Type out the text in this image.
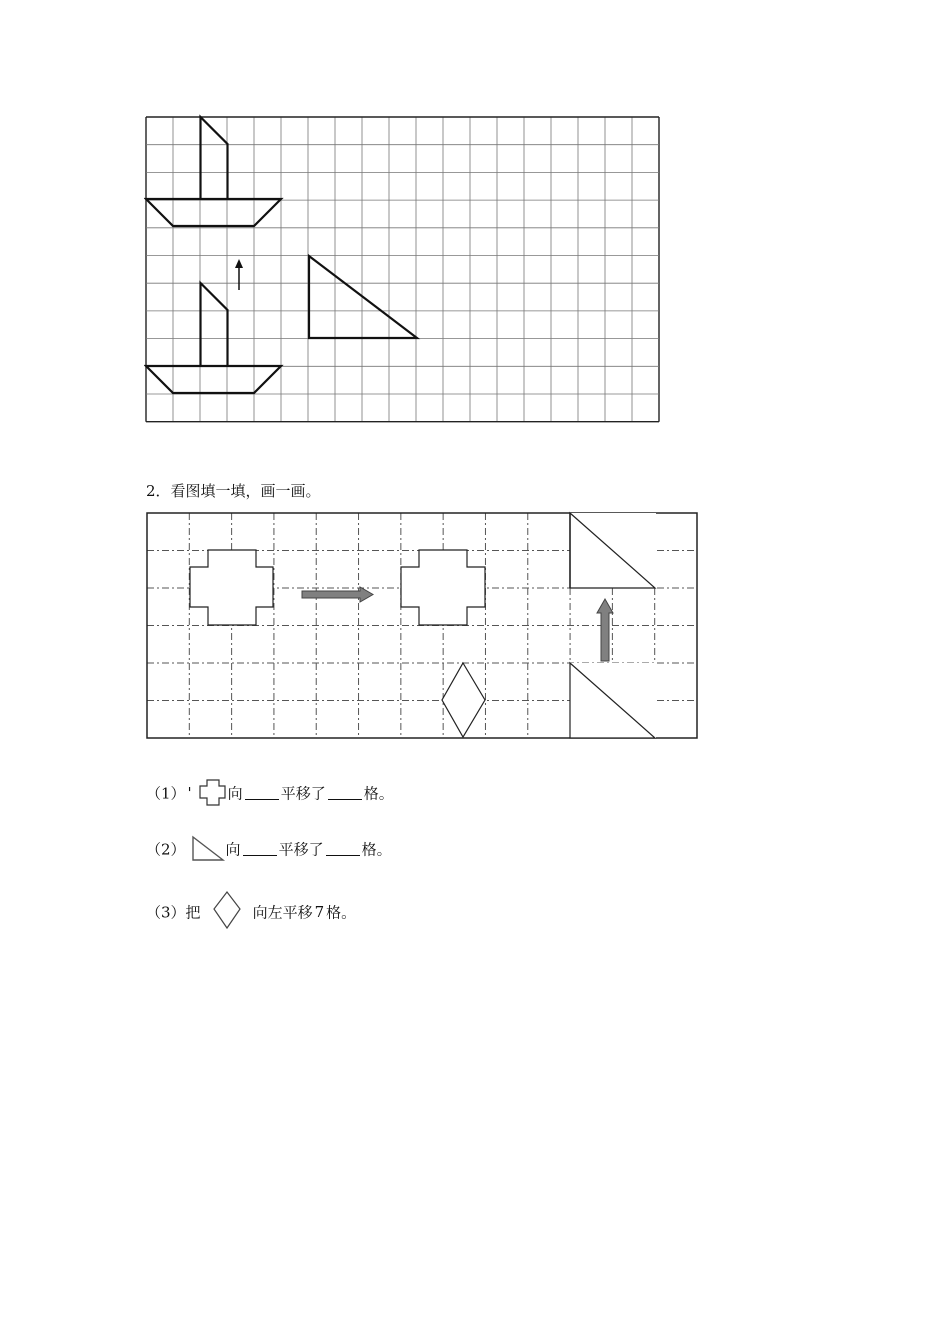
2．看图填一填，画一画。
（1） ' 向	平移了	格。
（2）	向	平移了	格。
（3）把	向左平移 7 格。
